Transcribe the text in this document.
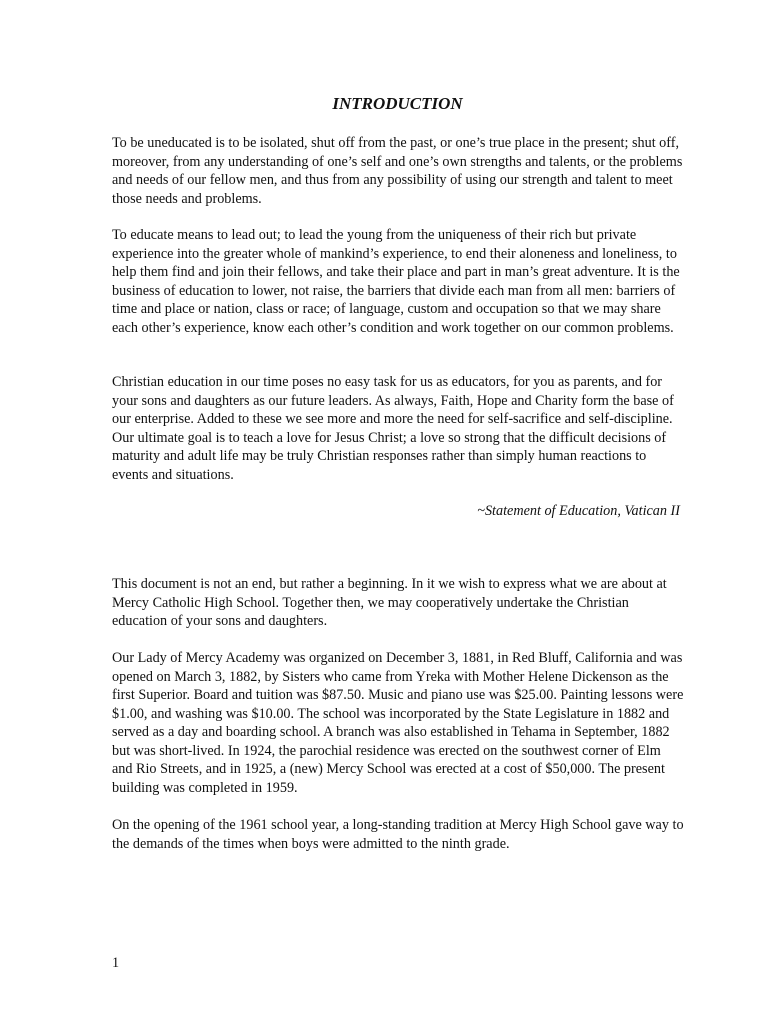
INTRODUCTION

To be uneducated is to be isolated, shut off from the past, or one’s true place in the present; shut off, moreover, from any understanding of one’s self and one’s own strengths and talents, or the problems and needs of our fellow men, and thus from any possibility of using our strength and talent to meet those needs and problems.

To educate means to lead out; to lead the young from the uniqueness of their rich but private experience into the greater whole of mankind’s experience, to end their aloneness and loneliness, to help them find and join their fellows, and take their place and part in man’s great adventure. It is the business of education to lower, not raise, the barriers that divide each man from all men: barriers of time and place or nation, class or race; of language, custom and occupation so that we may share each other’s experience, know each other’s condition and work together on our common problems.

Christian education in our time poses no easy task for us as educators, for you as parents, and for your sons and daughters as our future leaders. As always, Faith, Hope and Charity form the base of our enterprise. Added to these we see more and more the need for self-sacrifice and self-discipline. Our ultimate goal is to teach a love for Jesus Christ; a love so strong that the difficult decisions of maturity and adult life may be truly Christian responses rather than simply human reactions to events and situations.

~Statement of Education, Vatican II

This document is not an end, but rather a beginning. In it we wish to express what we are about at Mercy Catholic High School. Together then, we may cooperatively undertake the Christian education of your sons and daughters.

Our Lady of Mercy Academy was organized on December 3, 1881, in Red Bluff, California and was opened on March 3, 1882, by Sisters who came from Yreka with Mother Helene Dickenson as the first Superior. Board and tuition was $87.50. Music and piano use was $25.00. Painting lessons were $1.00, and washing was $10.00. The school was incorporated by the State Legislature in 1882 and served as a day and boarding school. A branch was also established in Tehama in September, 1882 but was short-lived. In 1924, the parochial residence was erected on the southwest corner of Elm and Rio Streets, and in 1925, a (new) Mercy School was erected at a cost of $50,000. The present building was completed in 1959.

On the opening of the 1961 school year, a long-standing tradition at Mercy High School gave way to the demands of the times when boys were admitted to the ninth grade.

1
